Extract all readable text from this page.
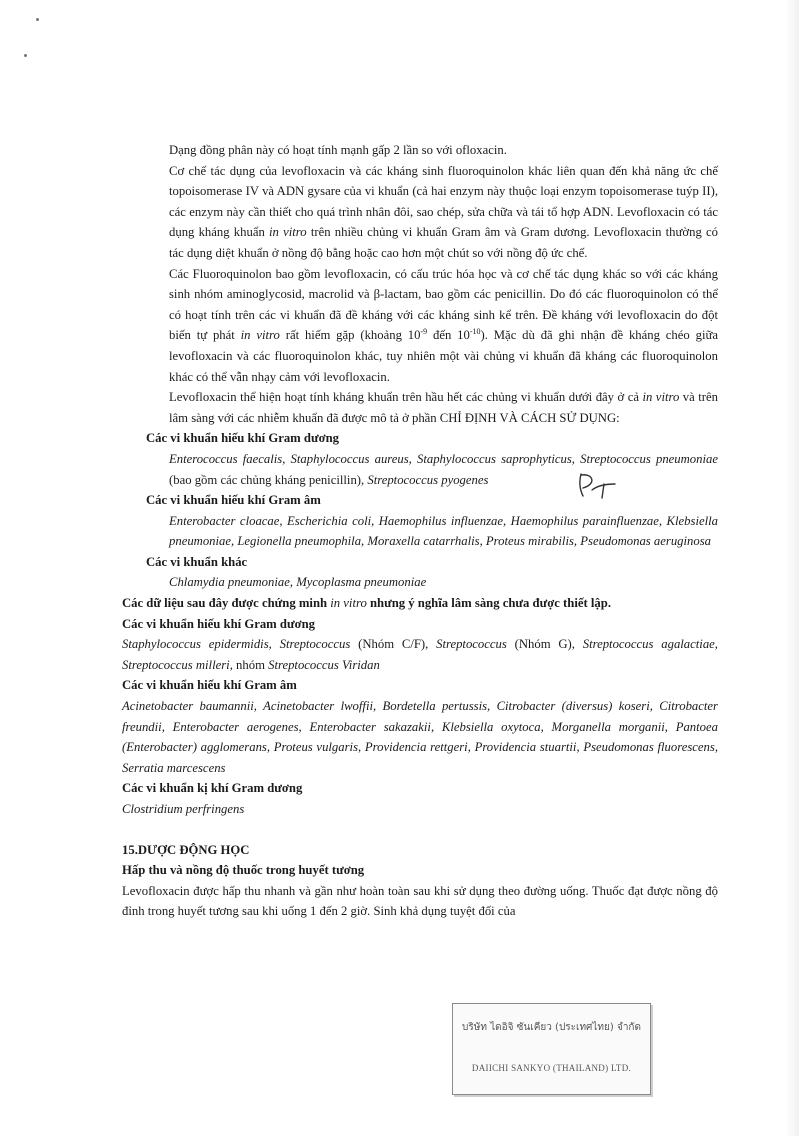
Dạng đồng phân này có hoạt tính mạnh gấp 2 lần so với ofloxacin.

Cơ chế tác dụng của levofloxacin và các kháng sinh fluoroquinolon khác liên quan đến khả năng ức chế topoisomerase IV và ADN gysare của vi khuẩn (cả hai enzym này thuộc loại enzym topoisomerase tuýp II), các enzym này cần thiết cho quá trình nhân đôi, sao chép, sửa chữa và tái tổ hợp ADN. Levofloxacin có tác dụng kháng khuẩn in vitro trên nhiều chủng vi khuẩn Gram âm và Gram dương. Levofloxacin thường có tác dụng diệt khuẩn ở nồng độ bằng hoặc cao hơn một chút so với nồng độ ức chế.

Các Fluoroquinolon bao gồm levofloxacin, có cấu trúc hóa học và cơ chế tác dụng khác so với các kháng sinh nhóm aminoglycosid, macrolid và β-lactam, bao gồm các penicillin. Do đó các fluoroquinolon có thể có hoạt tính trên các vi khuẩn đã đề kháng với các kháng sinh kể trên. Đề kháng với levofloxacin do đột biến tự phát in vitro rất hiếm gặp (khoảng $10^{-9}$ đến $10^{-10}$). Mặc dù đã ghi nhận đề kháng chéo giữa levofloxacin và các fluoroquinolon khác, tuy nhiên một vài chủng vi khuẩn đã kháng các fluoroquinolon khác có thể vẫn nhạy cảm với levofloxacin.

Levofloxacin thể hiện hoạt tính kháng khuẩn trên hầu hết các chủng vi khuẩn dưới đây ở cả in vitro và trên lâm sàng với các nhiễm khuẩn đã được mô tả ở phần CHỈ ĐỊNH VÀ CÁCH SỬ DỤNG:

Các vi khuẩn hiếu khí Gram dương

Enterococcus faecalis, Staphylococcus aureus, Staphylococcus saprophyticus, Streptococcus pneumoniae (bao gồm các chủng kháng penicillin), Streptococcus pyogenes

Các vi khuẩn hiếu khí Gram âm

Enterobacter cloacae, Escherichia coli, Haemophilus influenzae, Haemophilus parainfluenzae, Klebsiella pneumoniae, Legionella pneumophila, Moraxella catarrhalis, Proteus mirabilis, Pseudomonas aeruginosa

Các vi khuẩn khác

Chlamydia pneumoniae, Mycoplasma pneumoniae

Các dữ liệu sau đây được chứng minh in vitro nhưng ý nghĩa lâm sàng chưa được thiết lập.

Các vi khuẩn hiếu khí Gram dương

Staphylococcus epidermidis, Streptococcus (Nhóm C/F), Streptococcus (Nhóm G), Streptococcus agalactiae, Streptococcus milleri, nhóm Streptococcus Viridan

Các vi khuẩn hiếu khí Gram âm

Acinetobacter baumannii, Acinetobacter lwoffii, Bordetella pertussis, Citrobacter (diversus) koseri, Citrobacter freundii, Enterobacter aerogenes, Enterobacter sakazakii, Klebsiella oxytoca, Morganella morganii, Pantoea (Enterobacter) agglomerans, Proteus vulgaris, Providencia rettgeri, Providencia stuartii, Pseudomonas fluorescens, Serratia marcescens

Các vi khuẩn kị khí Gram dương

Clostridium perfringens

15.DƯỢC ĐỘNG HỌC

Hấp thu và nồng độ thuốc trong huyết tương

Levofloxacin được hấp thu nhanh và gần như hoàn toàn sau khi sử dụng theo đường uống. Thuốc đạt được nồng độ đỉnh trong huyết tương sau khi uống 1 đến 2 giờ. Sinh khả dụng tuyệt đối của

บริษัท ไดอิจิ ซันเคียว (ประเทศไทย) จำกัด
DAIICHI SANKYO (THAILAND) LTD.
